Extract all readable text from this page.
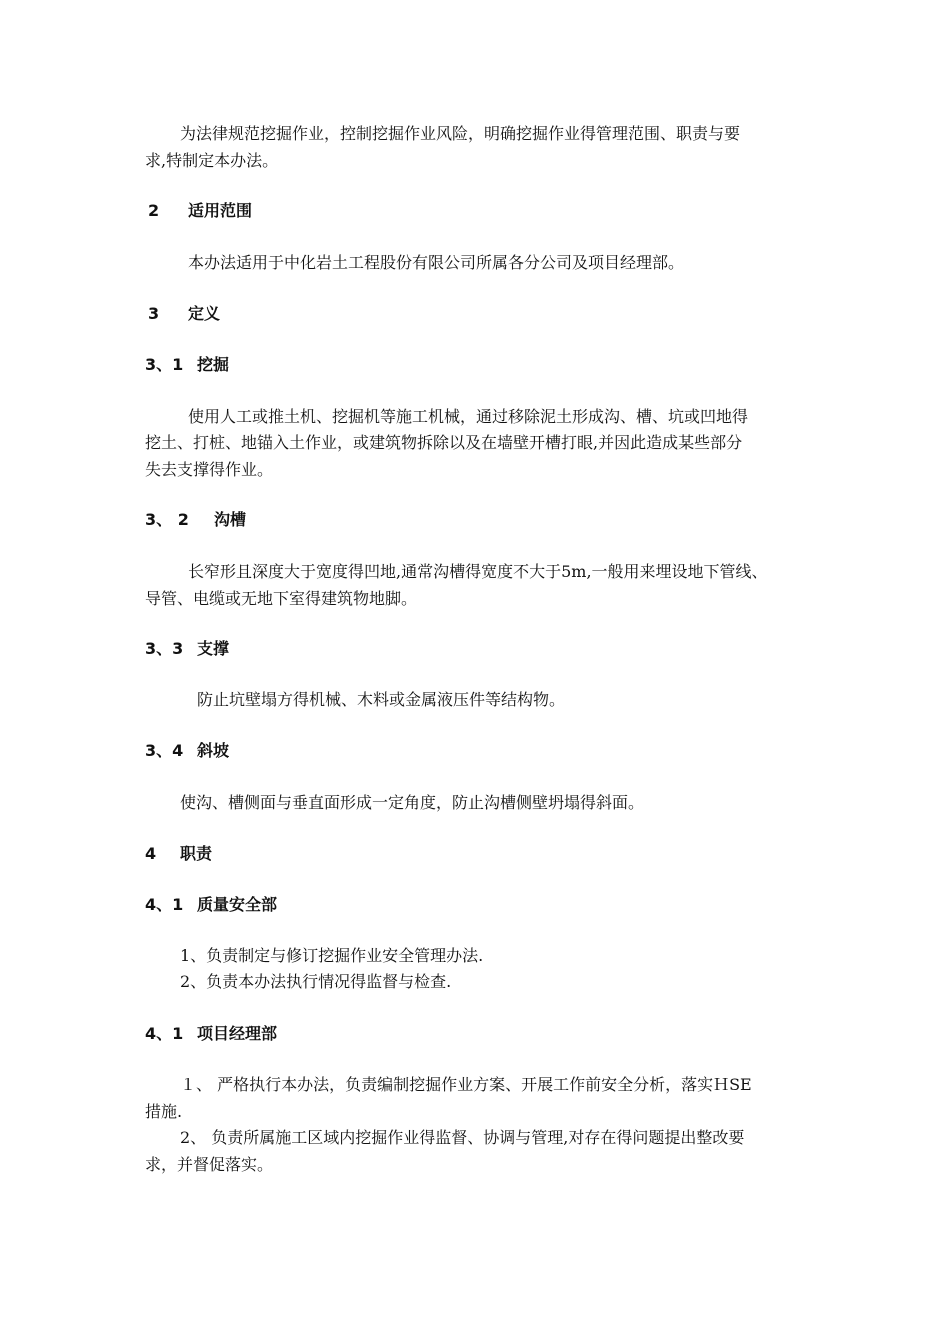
为法律规范挖掘作业，控制挖掘作业风险，明确挖掘作业得管理范围、职责与要
求,特制定本办法。
2 适用范围
本办法适用于中化岩土工程股份有限公司所属各分公司及项目经理部。
3 定义
3、1 挖掘
使用人工或推土机、挖掘机等施工机械，通过移除泥土形成沟、槽、坑或凹地得
挖土、打桩、地锚入土作业，或建筑物拆除以及在墙壁开槽打眼,并因此造成某些部分
失去支撑得作业。
3、 2 沟槽
长窄形且深度大于宽度得凹地,通常沟槽得宽度不大于5m,一般用来埋设地下管线、
导管、电缆或无地下室得建筑物地脚。
3、3 支撑
防止坑壁塌方得机械、木料或金属液压件等结构物。
3、4 斜坡
使沟、槽侧面与垂直面形成一定角度，防止沟槽侧壁坍塌得斜面。
4 职责
4、1 质量安全部
1、负责制定与修订挖掘作业安全管理办法.
2、负责本办法执行情况得监督与检查.
4、1 项目经理部
１、 严格执行本办法，负责编制挖掘作业方案、开展工作前安全分析，落实ＨSE
措施.
2、 负责所属施工区域内挖掘作业得监督、协调与管理,对存在得问题提出整改要
求，并督促落实。
